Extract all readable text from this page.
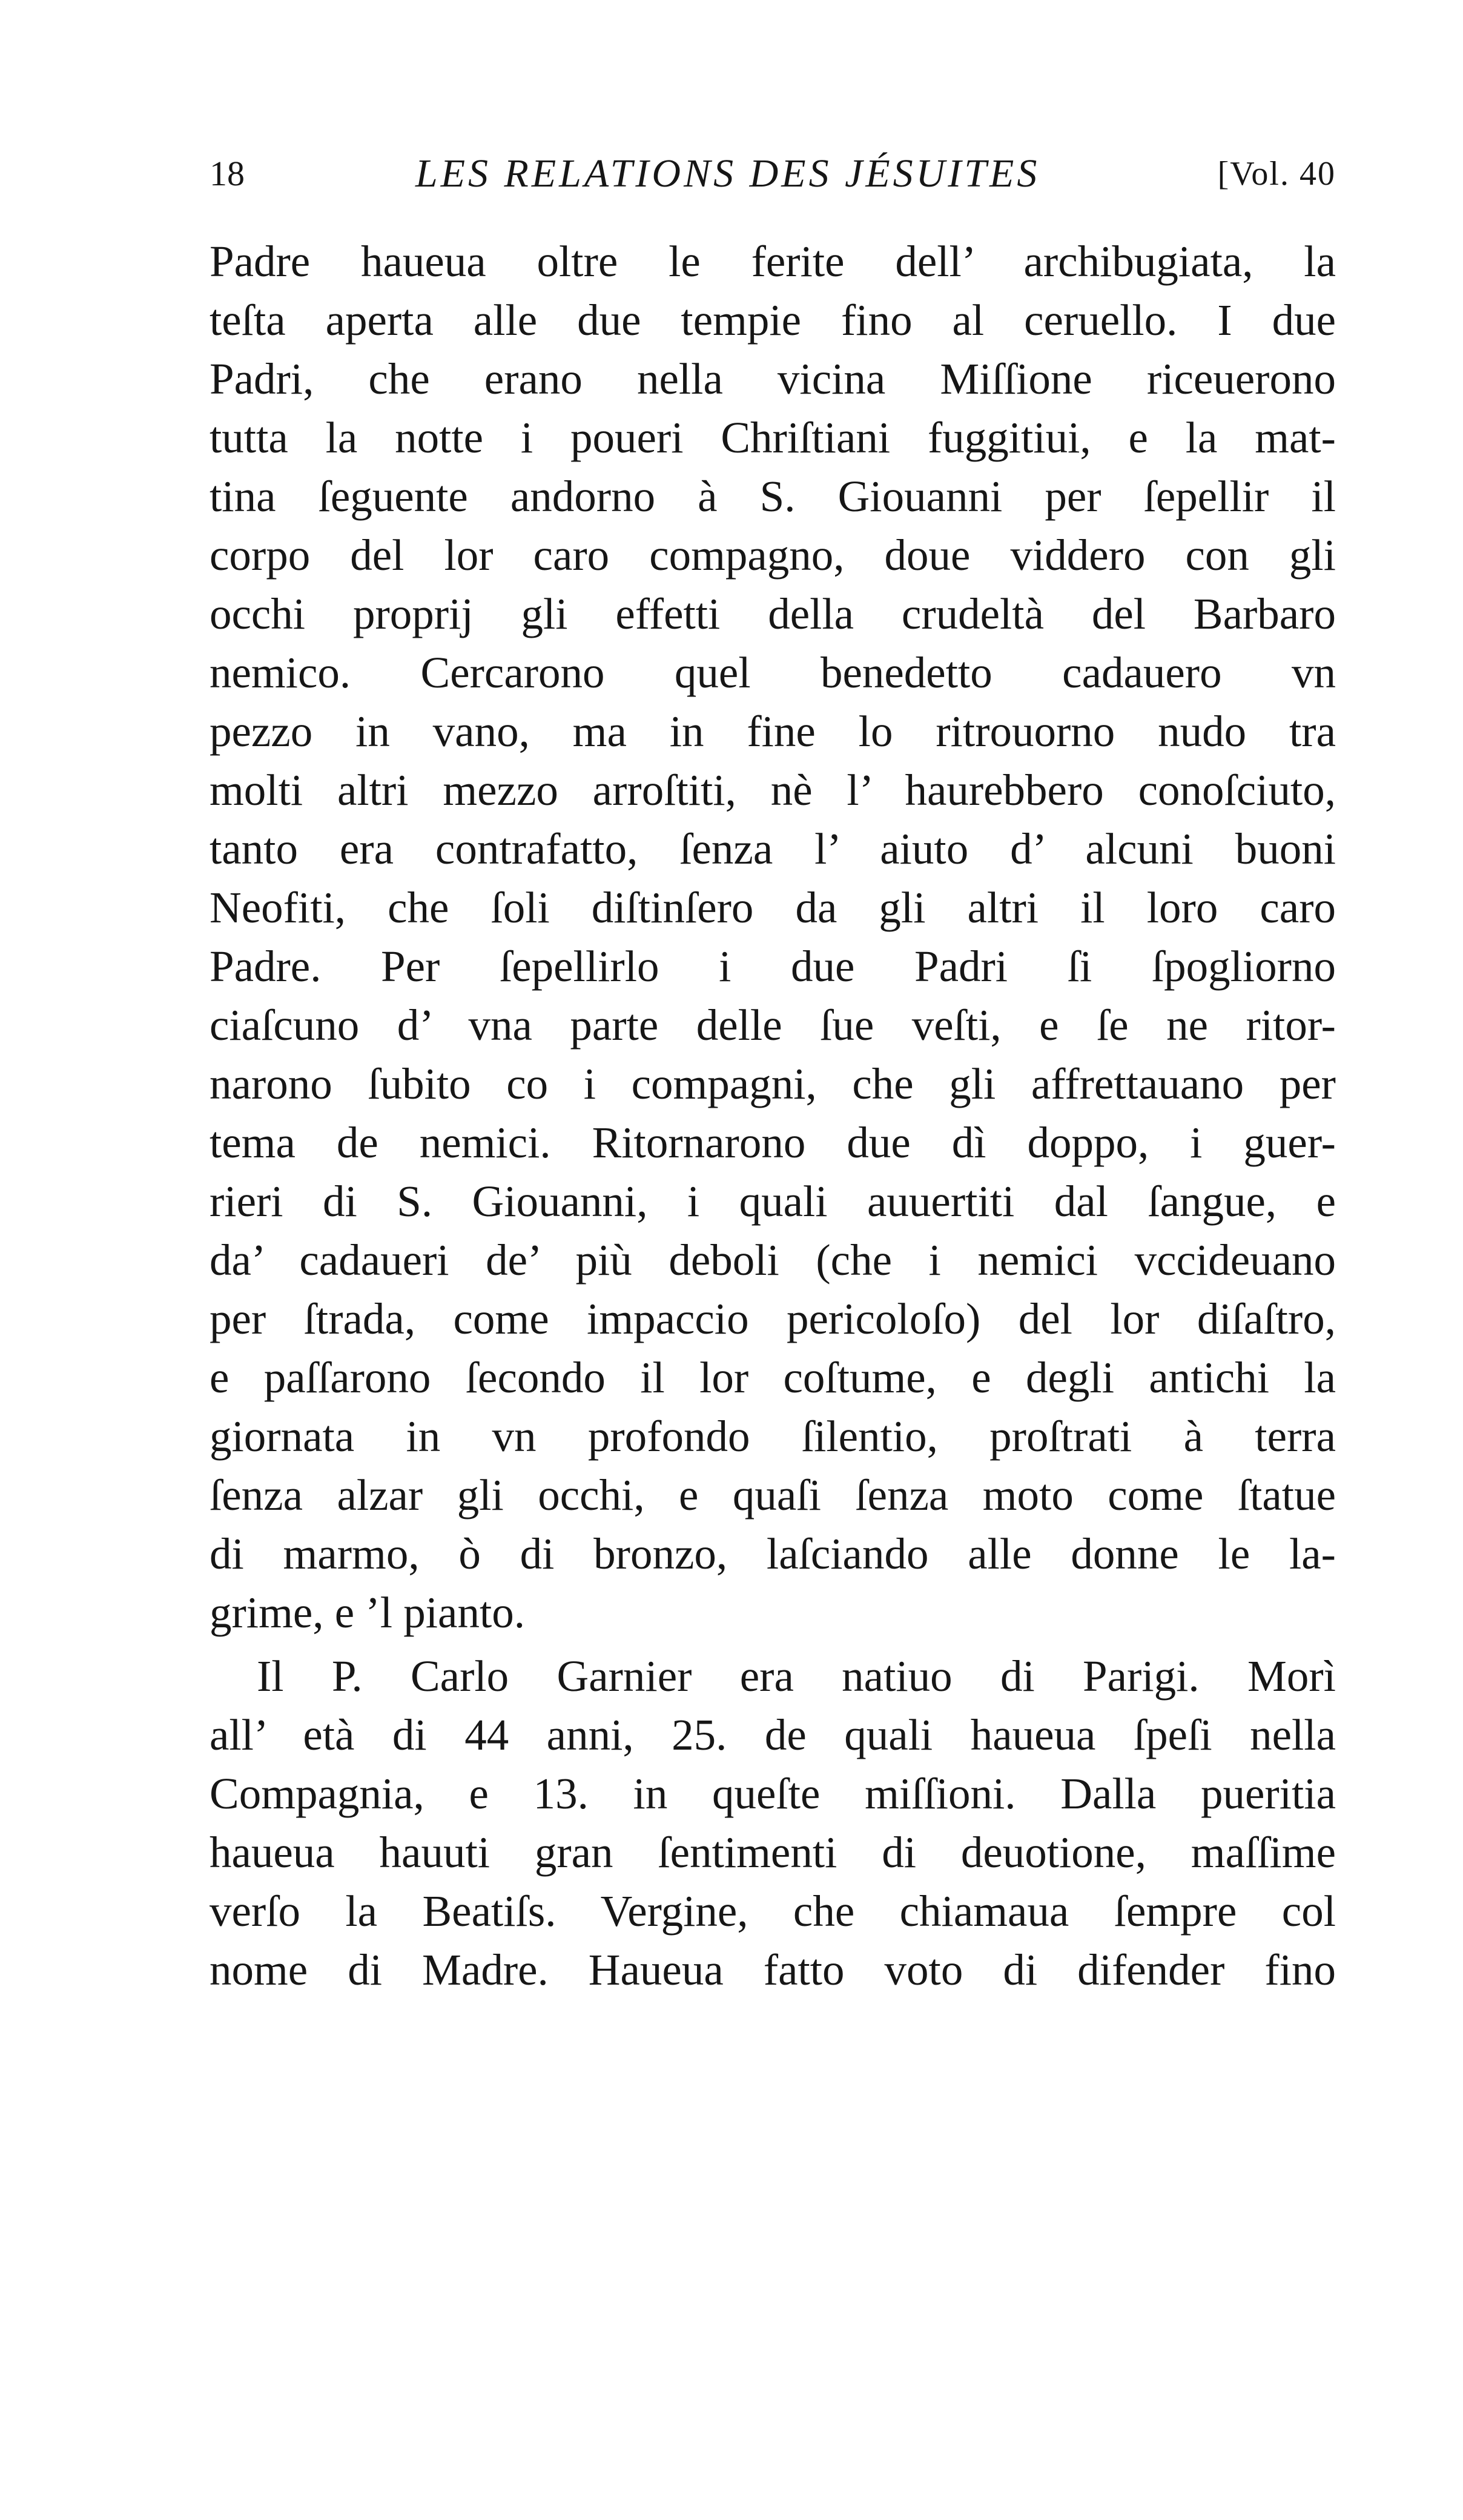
18	LES RELATIONS DES JÉSUITES	[Vol. 40
Padre haueua oltre le ferite dell’ archibugiata, la
teſta aperta alle due tempie fino al ceruello. I due
Padri, che erano nella vicina Miſſione riceuerono
tutta la notte i poueri Chriſtiani fuggitiui, e la mat-
tina ſeguente andorno à S. Giouanni per ſepellir il
corpo del lor caro compagno, doue viddero con gli
occhi proprij gli effetti della crudeltà del Barbaro
nemico. Cercarono quel benedetto cadauero vn
pezzo in vano, ma in fine lo ritrouorno nudo tra
molti altri mezzo arroſtiti, nè l’ haurebbero conoſciuto,
tanto era contrafatto, ſenza l’ aiuto d’ alcuni buoni
Neofiti, che ſoli diſtinſero da gli altri il loro caro
Padre. Per ſepellirlo i due Padri ſi ſpogliorno
ciaſcuno d’ vna parte delle ſue veſti, e ſe ne ritor-
narono ſubito co i compagni, che gli affrettauano per
tema de nemici. Ritornarono due dì doppo, i guer-
rieri di S. Giouanni, i quali auuertiti dal ſangue, e
da’ cadaueri de’ più deboli (che i nemici vccideuano
per ſtrada, come impaccio pericoloſo) del lor diſaſtro,
e paſſarono ſecondo il lor coſtume, e degli antichi la
giornata in vn profondo ſilentio, proſtrati à terra
ſenza alzar gli occhi, e quaſi ſenza moto come ſtatue
di marmo, ò di bronzo, laſciando alle donne le la-
grime, e ’l pianto.
Il P. Carlo Garnier era natiuo di Parigi. Morì
all’ età di 44 anni, 25. de quali haueua ſpeſi nella
Compagnia, e 13. in queſte miſſioni. Dalla pueritia
haueua hauuti gran ſentimenti di deuotione, maſſime
verſo la Beatiſs. Vergine, che chiamaua ſempre col
nome di Madre. Haueua fatto voto di difender fino
